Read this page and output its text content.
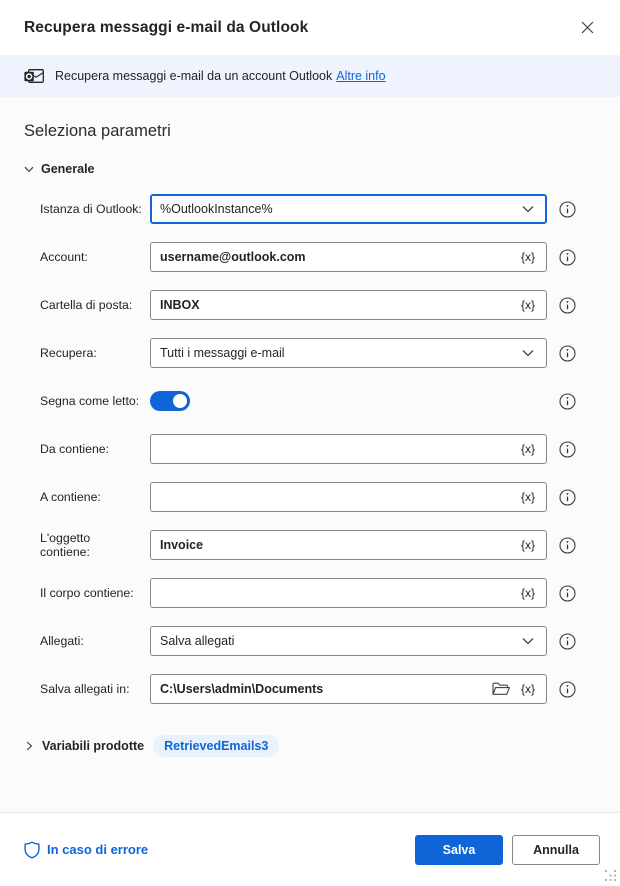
Recupera messaggi e-mail da Outlook
Recupera messaggi e-mail da un account Outlook Altre info
Seleziona parametri
Generale
Istanza di Outlook:	%OutlookInstance%
Account:	username@outlook.com	{x}
Cartella di posta:	INBOX	{x}
Recupera:	Tutti i messaggi e-mail
Segna come letto:
Da contiene:	{x}
A contiene:	{x}
L'oggetto contiene:	Invoice	{x}
Il corpo contiene:	{x}
Allegati:	Salva allegati
Salva allegati in:	C:\Users\admin\Documents	{x}
Variabili prodotte	RetrievedEmails3
In caso di errore	Salva	Annulla
